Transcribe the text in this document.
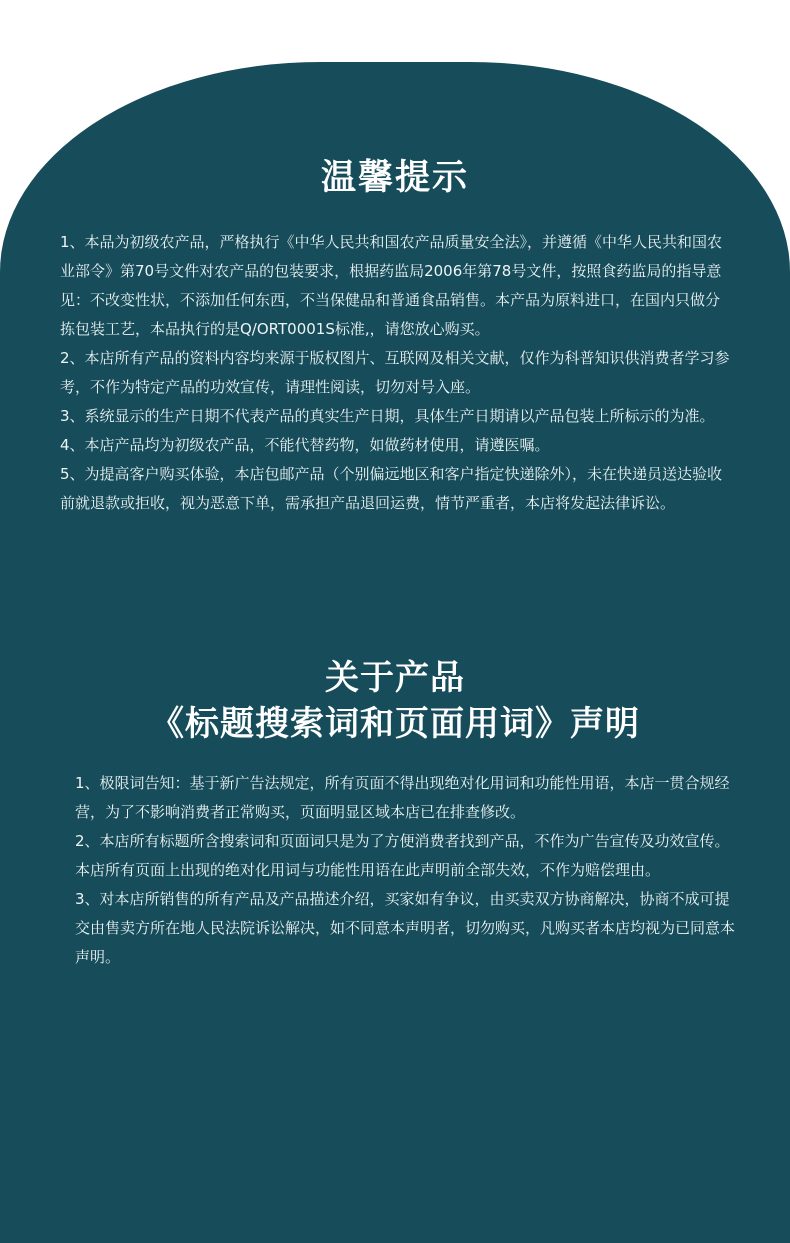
温馨提示
1、本品为初级农产品，严格执行《中华人民共和国农产品质量安全法》，并遵循《中华人民共和国农业部令》第70号文件对农产品的包装要求，根据药监局2006年第78号文件，按照食药监局的指导意见：不改变性状，不添加任何东西，不当保健品和普通食品销售。本产品为原料进口，在国内只做分拣包装工艺，本品执行的是Q/ORT0001S标准,，请您放心购买。
2、本店所有产品的资料内容均来源于版权图片、互联网及相关文献，仅作为科普知识供消费者学习参考，不作为特定产品的功效宣传，请理性阅读，切勿对号入座。
3、系统显示的生产日期不代表产品的真实生产日期，具体生产日期请以产品包装上所标示的为准。
4、本店产品均为初级农产品，不能代替药物，如做药材使用，请遵医嘱。
5、为提高客户购买体验，本店包邮产品（个别偏远地区和客户指定快递除外），未在快递员送达验收前就退款或拒收，视为恶意下单，需承担产品退回运费，情节严重者，本店将发起法律诉讼。
关于产品
《标题搜索词和页面用词》声明
1、极限词告知：基于新广告法规定，所有页面不得出现绝对化用词和功能性用语，本店一贯合规经营，为了不影响消费者正常购买，页面明显区域本店已在排查修改。
2、本店所有标题所含搜索词和页面词只是为了方便消费者找到产品，不作为广告宣传及功效宣传。本店所有页面上出现的绝对化用词与功能性用语在此声明前全部失效，不作为赔偿理由。
3、对本店所销售的所有产品及产品描述介绍，买家如有争议，由买卖双方协商解决，协商不成可提交由售卖方所在地人民法院诉讼解决，如不同意本声明者，切勿购买，凡购买者本店均视为已同意本声明。
